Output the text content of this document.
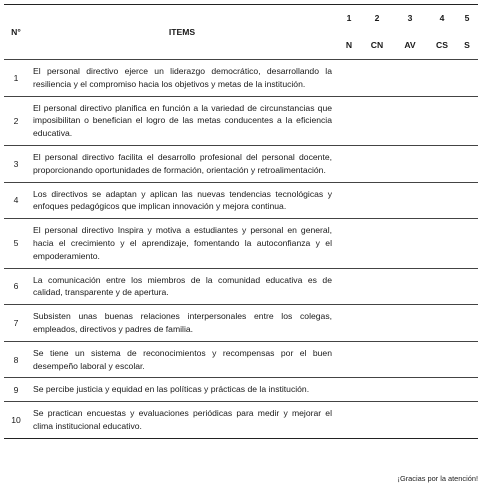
N°	ITEMS	1	2	3	4	5
		N	CN	AV	CS	S
1	El personal directivo ejerce un liderazgo democrático, desarrollando la resiliencia y el compromiso hacia los objetivos y metas de la institución.					
2	El personal directivo planifica en función a la variedad de circunstancias que imposibilitan o benefician el logro de las metas conducentes a la eficiencia educativa.					
3	El personal directivo facilita el desarrollo profesional del personal docente, proporcionando oportunidades de formación, orientación y retroalimentación.					
4	Los directivos se adaptan y aplican las nuevas tendencias tecnológicas y enfoques pedagógicos que implican innovación y mejora continua.					
5	El personal directivo Inspira y motiva a estudiantes y personal en general, hacia el crecimiento y el aprendizaje, fomentando la autoconfianza y el empoderamiento.					
6	La comunicación entre los miembros de la comunidad educativa es de calidad, transparente y de apertura.					
7	Subsisten unas buenas relaciones interpersonales entre los colegas, empleados, directivos y padres de familia.					
8	Se tiene un sistema de reconocimientos y recompensas por el buen desempeño laboral y escolar.					
9	Se percibe justicia y equidad en las políticas y prácticas de la institución.					
10	Se practican encuestas y evaluaciones periódicas para medir y mejorar el clima institucional educativo.					
¡Gracias por la atención!
